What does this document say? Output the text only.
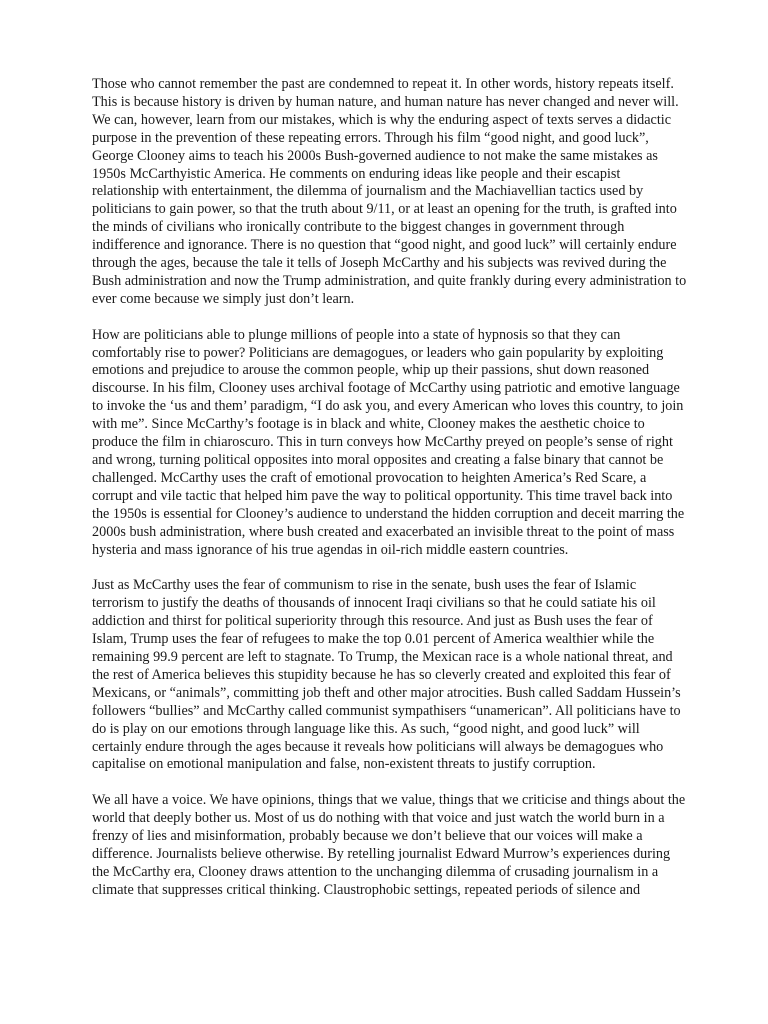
Those who cannot remember the past are condemned to repeat it. In other words, history repeats itself. This is because history is driven by human nature, and human nature has never changed and never will. We can, however, learn from our mistakes, which is why the enduring aspect of texts serves a didactic purpose in the prevention of these repeating errors. Through his film “good night, and good luck”, George Clooney aims to teach his 2000s Bush-governed audience to not make the same mistakes as 1950s McCarthyistic America. He comments on enduring ideas like people and their escapist relationship with entertainment, the dilemma of journalism and the Machiavellian tactics used by politicians to gain power, so that the truth about 9/11, or at least an opening for the truth, is grafted into the minds of civilians who ironically contribute to the biggest changes in government through indifference and ignorance. There is no question that “good night, and good luck” will certainly endure through the ages, because the tale it tells of Joseph McCarthy and his subjects was revived during the Bush administration and now the Trump administration, and quite frankly during every administration to ever come because we simply just don’t learn.

How are politicians able to plunge millions of people into a state of hypnosis so that they can comfortably rise to power? Politicians are demagogues, or leaders who gain popularity by exploiting emotions and prejudice to arouse the common people, whip up their passions, shut down reasoned discourse. In his film, Clooney uses archival footage of McCarthy using patriotic and emotive language to invoke the ‘us and them’ paradigm, “I do ask you, and every American who loves this country, to join with me”. Since McCarthy’s footage is in black and white, Clooney makes the aesthetic choice to produce the film in chiaroscuro. This in turn conveys how McCarthy preyed on people’s sense of right and wrong, turning political opposites into moral opposites and creating a false binary that cannot be challenged. McCarthy uses the craft of emotional provocation to heighten America’s Red Scare, a corrupt and vile tactic that helped him pave the way to political opportunity. This time travel back into the 1950s is essential for Clooney’s audience to understand the hidden corruption and deceit marring the 2000s bush administration, where bush created and exacerbated an invisible threat to the point of mass hysteria and mass ignorance of his true agendas in oil-rich middle eastern countries.

Just as McCarthy uses the fear of communism to rise in the senate, bush uses the fear of Islamic terrorism to justify the deaths of thousands of innocent Iraqi civilians so that he could satiate his oil addiction and thirst for political superiority through this resource. And just as Bush uses the fear of Islam, Trump uses the fear of refugees to make the top 0.01 percent of America wealthier while the remaining 99.9 percent are left to stagnate. To Trump, the Mexican race is a whole national threat, and the rest of America believes this stupidity because he has so cleverly created and exploited this fear of Mexicans, or “animals”, committing job theft and other major atrocities. Bush called Saddam Hussein’s followers “bullies” and McCarthy called communist sympathisers “unamerican”. All politicians have to do is play on our emotions through language like this. As such, “good night, and good luck” will certainly endure through the ages because it reveals how politicians will always be demagogues who capitalise on emotional manipulation and false, non-existent threats to justify corruption.

We all have a voice. We have opinions, things that we value, things that we criticise and things about the world that deeply bother us. Most of us do nothing with that voice and just watch the world burn in a frenzy of lies and misinformation, probably because we don’t believe that our voices will make a difference. Journalists believe otherwise. By retelling journalist Edward Murrow’s experiences during the McCarthy era, Clooney draws attention to the unchanging dilemma of crusading journalism in a climate that suppresses critical thinking. Claustrophobic settings, repeated periods of silence and
